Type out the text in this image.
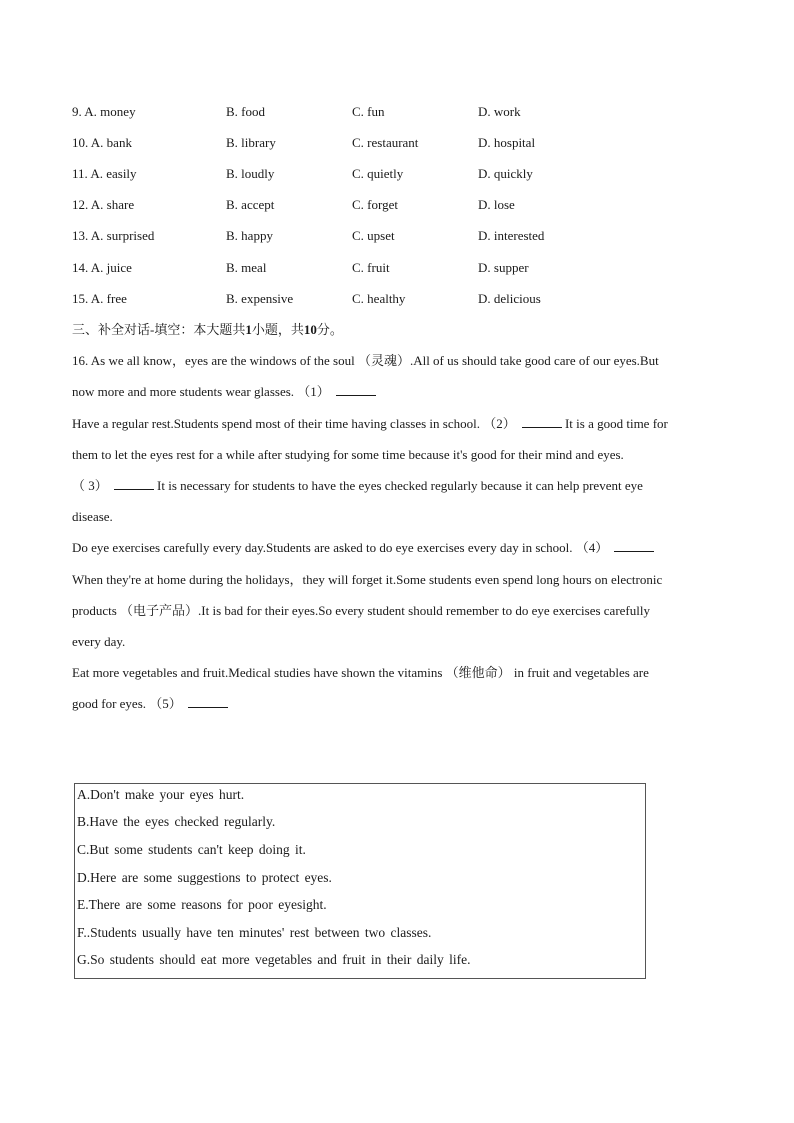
9. A. money	B. food	C. fun	D. work
10. A. bank	B. library	C. restaurant	D. hospital
11. A. easily	B. loudly	C. quietly	D. quickly
12. A. share	B. accept	C. forget	D. lose
13. A. surprised	B. happy	C. upset	D. interested
14. A. juice	B. meal	C. fruit	D. supper
15. A. free	B. expensive	C. healthy	D. delicious
三、补全对话-填空：本大题共1小题，共10分。
16. As we all know，eyes are the windows of the soul （灵魂）.All of us should take good care of our eyes.But
now more and more students wear glasses. （1）
Have a regular rest.Students spend most of their time having classes in school. （2）	It is a good time for
them to let the eyes rest for a while after studying for some time because it's good for their mind and eyes.
（ 3）	It is necessary for students to have the eyes checked regularly because it can help prevent eye
disease.
Do eye exercises carefully every day.Students are asked to do eye exercises every day in school. （4）
When they're at home during the holidays，they will forget it.Some students even spend long hours on electronic
products （电子产品）.It is bad for their eyes.So every student should remember to do eye exercises carefully
every day.
Eat more vegetables and fruit.Medical studies have shown the vitamins （维他命） in fruit and vegetables are
good for eyes. （5）
A.Don't make your eyes hurt.
B.Have the eyes checked regularly.
C.But some students can't keep doing it.
D.Here are some suggestions to protect eyes.
E.There are some reasons for poor eyesight.
F..Students usually have ten minutes' rest between two classes.
G.So students should eat more vegetables and fruit in their daily life.
